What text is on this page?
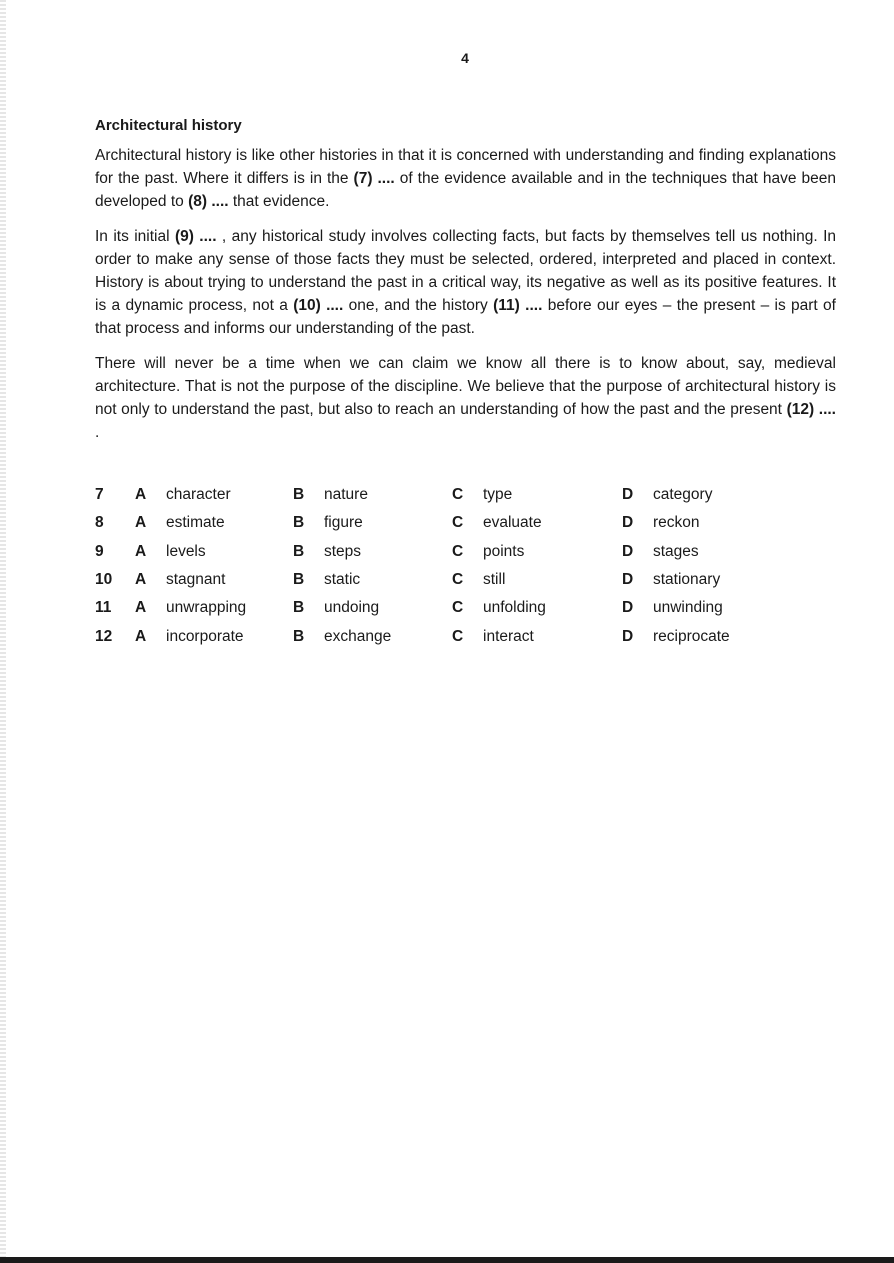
4
Architectural history

Architectural history is like other histories in that it is concerned with understanding and finding explanations for the past. Where it differs is in the (7) .... of the evidence available and in the techniques that have been developed to (8) .... that evidence.

In its initial (9) .... , any historical study involves collecting facts, but facts by themselves tell us nothing. In order to make any sense of those facts they must be selected, ordered, interpreted and placed in context. History is about trying to understand the past in a critical way, its negative as well as its positive features. It is a dynamic process, not a (10) .... one, and the history (11) .... before our eyes – the present – is part of that process and informs our understanding of the past.

There will never be a time when we can claim we know all there is to know about, say, medieval architecture. That is not the purpose of the discipline. We believe that the purpose of architectural history is not only to understand the past, but also to reach an understanding of how the past and the present (12) .... .

7	A	character	B	nature	C	type	D	category
8	A	estimate	B	figure	C	evaluate	D	reckon
9	A	levels	B	steps	C	points	D	stages
10	A	stagnant	B	static	C	still	D	stationary
11	A	unwrapping	B	undoing	C	unfolding	D	unwinding
12	A	incorporate	B	exchange	C	interact	D	reciprocate
